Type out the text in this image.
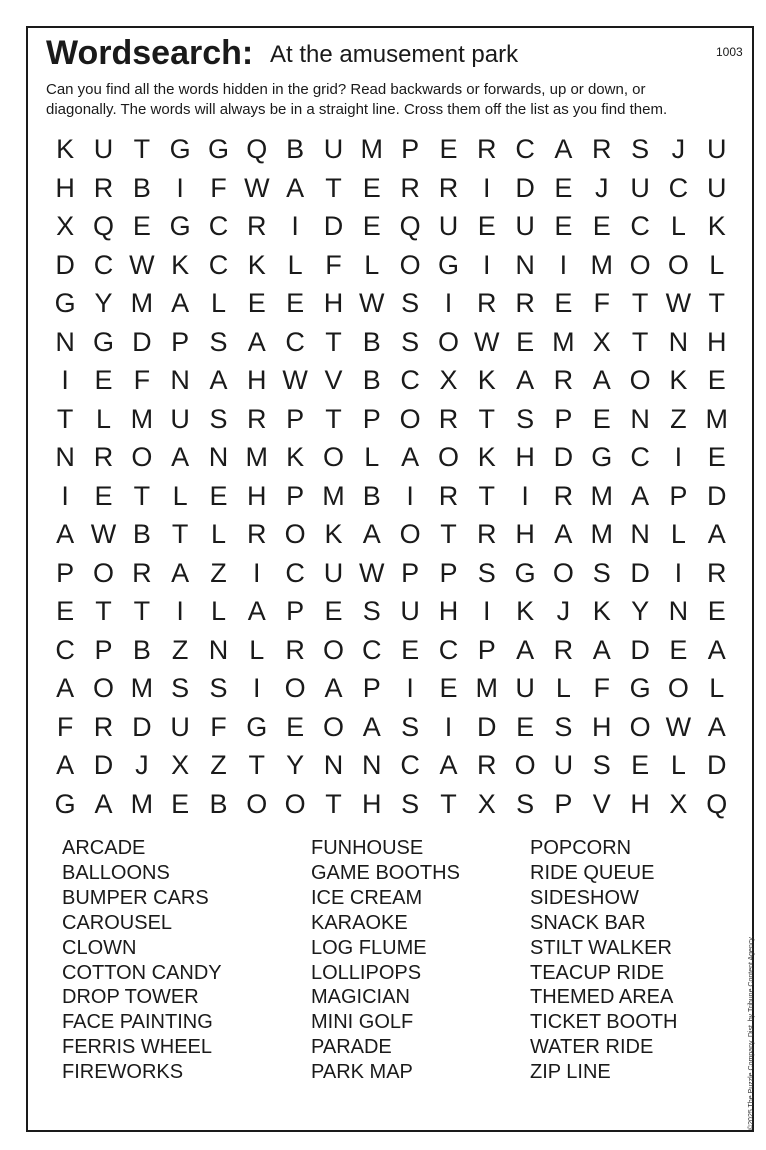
Wordsearch: At the amusement park	1003
Can you find all the words hidden in the grid? Read backwards or forwards, up or down, or
diagonally. The words will always be in a straight line. Cross them off the list as you find them.
K U T G G Q B U M P E R C A R S J U
H R B I F W A T E R R I D E J U C U
X Q E G C R I D E Q U E U E E C L K
D C W K C K L F L O G I N I M O O L
G Y M A L E E H W S I R R E F T W T
N G D P S A C T B S O W E M X T N H
I E F N A H W V B C X K A R A O K E
T L M U S R P T P O R T S P E N Z M
N R O A N M K O L A O K H D G C I E
I E T L E H P M B I R T I R M A P D
A W B T L R O K A O T R H A M N L A
P O R A Z I C U W P P S G O S D I R
E T T I	L A P E S U H I K J K Y N E
C P B Z N L R O C E C P A R A D E A
A O M S S I O A P I E M U L F G O L
F R D U F G E O A S I D E S H O W A
A D J X Z T Y N N C A R O U S E L D
G A M E B O O T H S T X S P V H X Q
ARCADE
BALLOONS
BUMPER CARS
CAROUSEL
CLOWN
COTTON CANDY
DROP TOWER
FACE PAINTING
FERRIS WHEEL
FIREWORKS
FUNHOUSE
GAME BOOTHS
ICE CREAM
KARAOKE
LOG FLUME
LOLLIPOPS
MAGICIAN
MINI GOLF
PARADE
PARK MAP
POPCORN
RIDE QUEUE
SIDESHOW
SNACK BAR
STILT WALKER
TEACUP RIDE
THEMED AREA
TICKET BOOTH
WATER RIDE
ZIP LINE	©2025 The Puzzle Company. Dist. by Tribune Content Agency.
